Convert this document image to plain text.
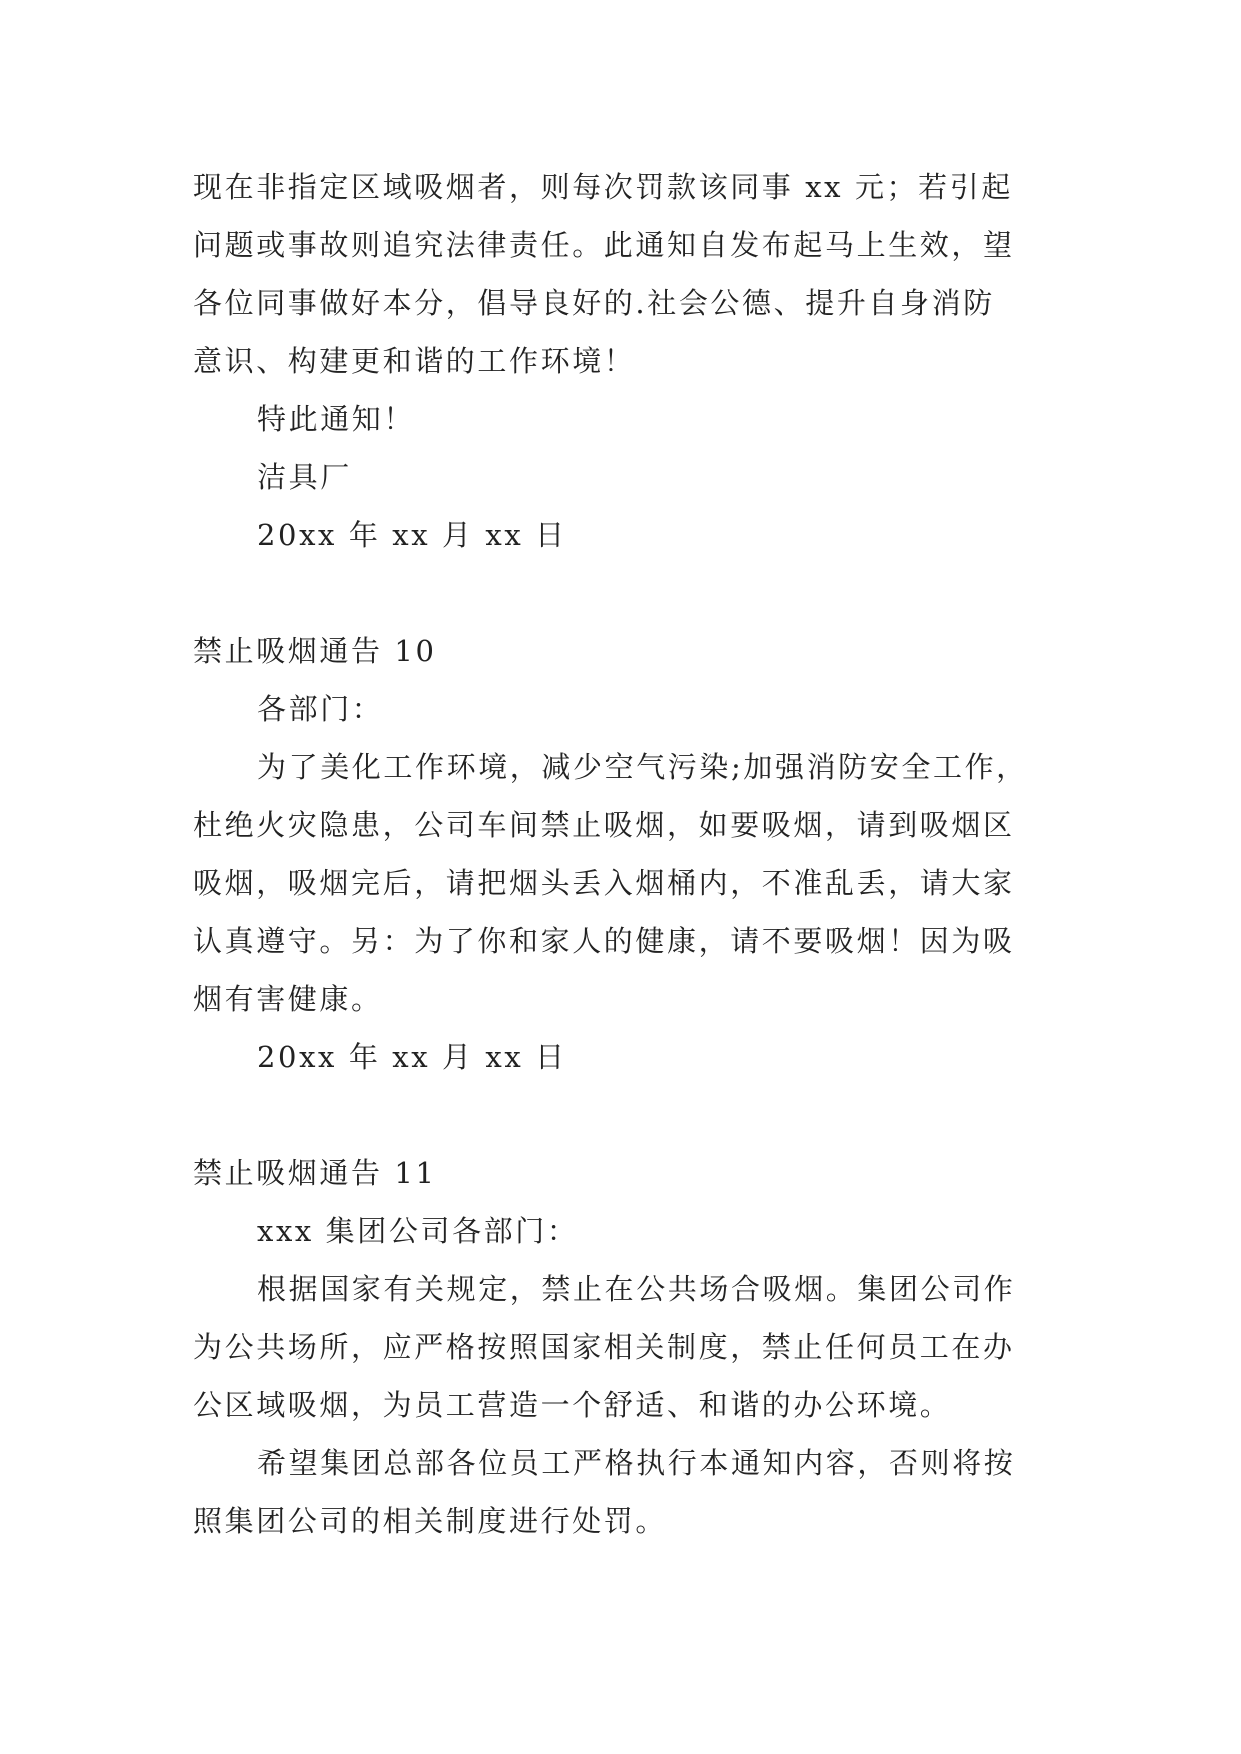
现在非指定区域吸烟者，则每次罚款该同事 xx 元；若引起
问题或事故则追究法律责任。此通知自发布起马上生效，望
各位同事做好本分，倡导良好的.社会公德、提升自身消防
意识、构建更和谐的工作环境！
特此通知！
洁具厂
20xx 年 xx 月 xx 日
禁止吸烟通告 10
各部门：
为了美化工作环境，减少空气污染;加强消防安全工作，
杜绝火灾隐患，公司车间禁止吸烟，如要吸烟，请到吸烟区
吸烟，吸烟完后，请把烟头丢入烟桶内，不准乱丢，请大家
认真遵守。另：为了你和家人的健康，请不要吸烟！因为吸
烟有害健康。
20xx 年 xx 月 xx 日
禁止吸烟通告 11
xxx 集团公司各部门：
根据国家有关规定，禁止在公共场合吸烟。集团公司作
为公共场所，应严格按照国家相关制度，禁止任何员工在办
公区域吸烟，为员工营造一个舒适、和谐的办公环境。
希望集团总部各位员工严格执行本通知内容，否则将按
照集团公司的相关制度进行处罚。
